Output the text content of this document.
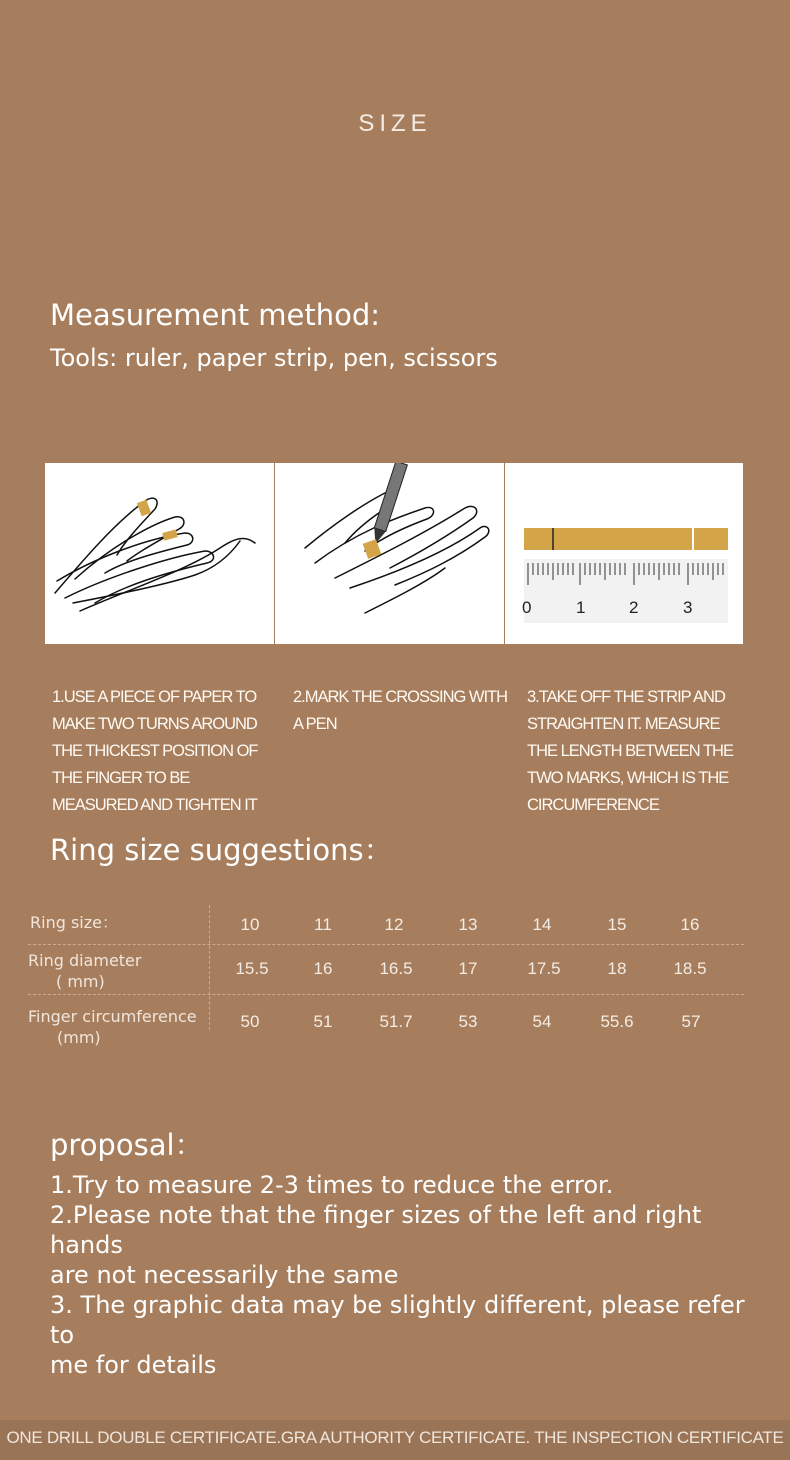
SIZE
Measurement method:
Tools: ruler, paper strip, pen, scissors
0	1	2	3
1.USE A PIECE OF PAPER TO MAKE TWO TURNS AROUND THE THICKEST POSITION OF THE FINGER TO BE MEASURED AND TIGHTEN IT
2.MARK THE CROSSING WITH A PEN
3.TAKE OFF THE STRIP AND STRAIGHTEN IT. MEASURE THE LENGTH BETWEEN THE TWO MARKS, WHICH IS THE CIRCUMFERENCE
Ring size suggestions：
Ring size：	10	11	12	13	14	15	16
Ring diameter
( mm)
15.5	16	16.5	17	17.5	18	18.5
Finger circumference
(mm)
50	51	51.7	53	54	55.6	57
proposal：
1.Try to measure 2-3 times to reduce the error.
2.Please note that the finger sizes of the left and right hands
are not necessarily the same
3. The graphic data may be slightly different, please refer to
me for details
ONE DRILL DOUBLE CERTIFICATE.GRA AUTHORITY CERTIFICATE. THE INSPECTION CERTIFICATE
